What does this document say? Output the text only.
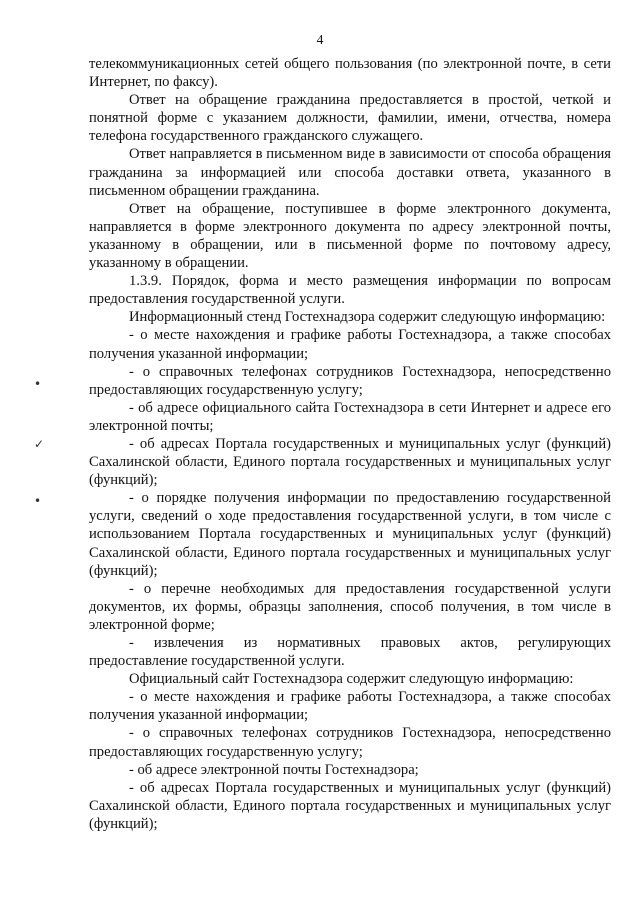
4
•
✓
•

телекоммуникационных сетей общего пользования (по электронной почте, в сети Интернет, по факсу).

Ответ на обращение гражданина предоставляется в простой, четкой и понятной форме с указанием должности, фамилии, имени, отчества, номера телефона государственного гражданского служащего.

Ответ направляется в письменном виде в зависимости от способа обращения гражданина за информацией или способа доставки ответа, указанного в письменном обращении гражданина.

Ответ на обращение, поступившее в форме электронного документа, направляется в форме электронного документа по адресу электронной почты, указанному в обращении, или в письменной форме по почтовому адресу, указанному в обращении.

1.3.9. Порядок, форма и место размещения информации по вопросам предоставления государственной услуги.

Информационный стенд Гостехнадзора содержит следующую информацию:

- о месте нахождения и графике работы Гостехнадзора, а также способах получения указанной информации;

- о справочных телефонах сотрудников Гостехнадзора, непосредственно предоставляющих государственную услугу;

- об адресе официального сайта Гостехнадзора в сети Интернет и адресе его электронной почты;

- об адресах Портала государственных и муниципальных услуг (функций) Сахалинской области, Единого портала государственных и муниципальных услуг (функций);

- о порядке получения информации по предоставлению государственной услуги, сведений о ходе предоставления государственной услуги, в том числе с использованием Портала государственных и муниципальных услуг (функций) Сахалинской области, Единого портала государственных и муниципальных услуг (функций);

- о перечне необходимых для предоставления государственной услуги документов, их формы, образцы заполнения, способ получения, в том числе в электронной форме;

- извлечения из нормативных правовых актов, регулирующих предоставление государственной услуги.

Официальный сайт Гостехнадзора содержит следующую информацию:

- о месте нахождения и графике работы Гостехнадзора, а также способах получения указанной информации;

- о справочных телефонах сотрудников Гостехнадзора, непосредственно предоставляющих государственную услугу;

- об адресе электронной почты Гостехнадзора;

- об адресах Портала государственных и муниципальных услуг (функций) Сахалинской области, Единого портала государственных и муниципальных услуг (функций);
